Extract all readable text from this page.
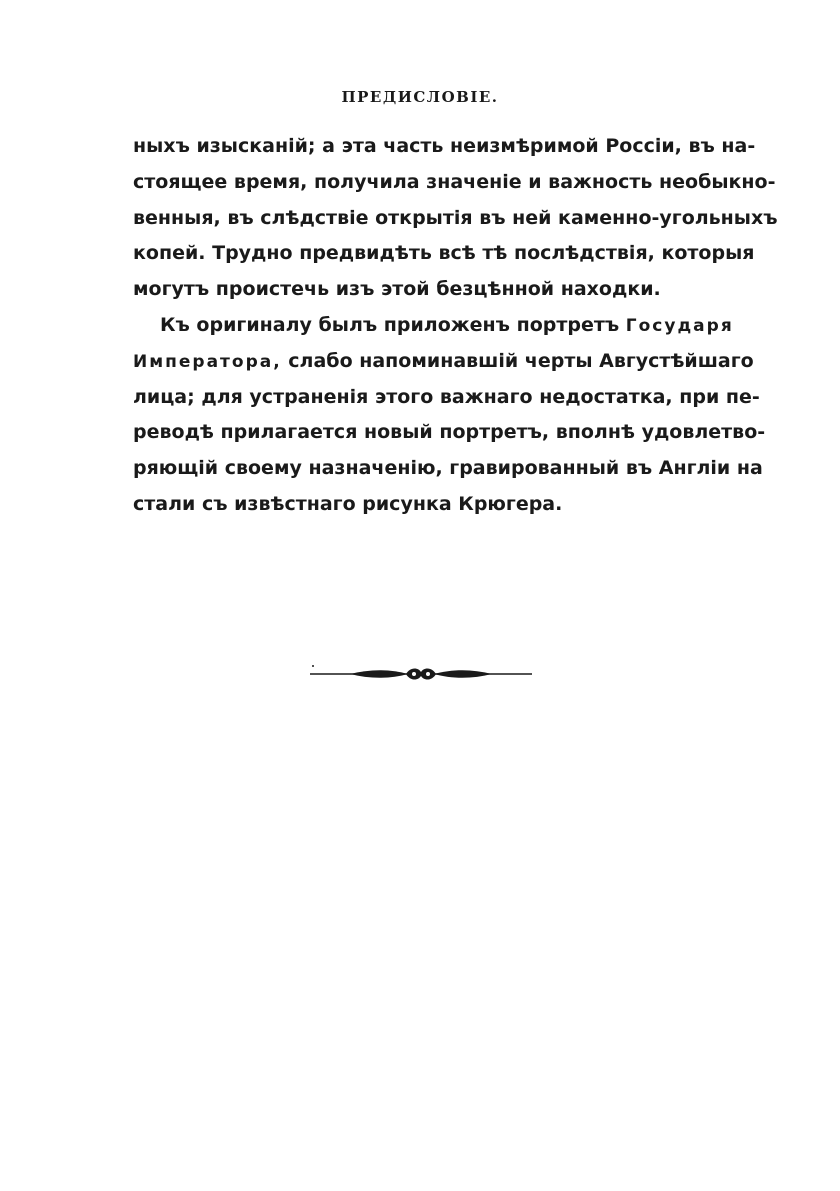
ПРЕДИСЛОВІЕ.
ныхъ изысканій; а эта часть неизмѣримой Россіи, въ на-
стоящее время, получила значеніе и важность необыкно-
венныя, въ слѣдствіе открытія въ ней каменно-угольныхъ
копей. Трудно предвидѣть всѣ тѣ послѣдствія, которыя
могутъ проистечь изъ этой безцѣнной находки.
Къ оригиналу былъ приложенъ портретъ Государя
Императора, слабо напоминавшій черты Августѣйшаго
лица; для устраненія этого важнаго недостатка, при пе-
реводѣ прилагается новый портретъ, вполнѣ удовлетво-
ряющій своему назначенію, гравированный въ Англіи на
стали съ извѣстнаго рисунка Крюгера.
